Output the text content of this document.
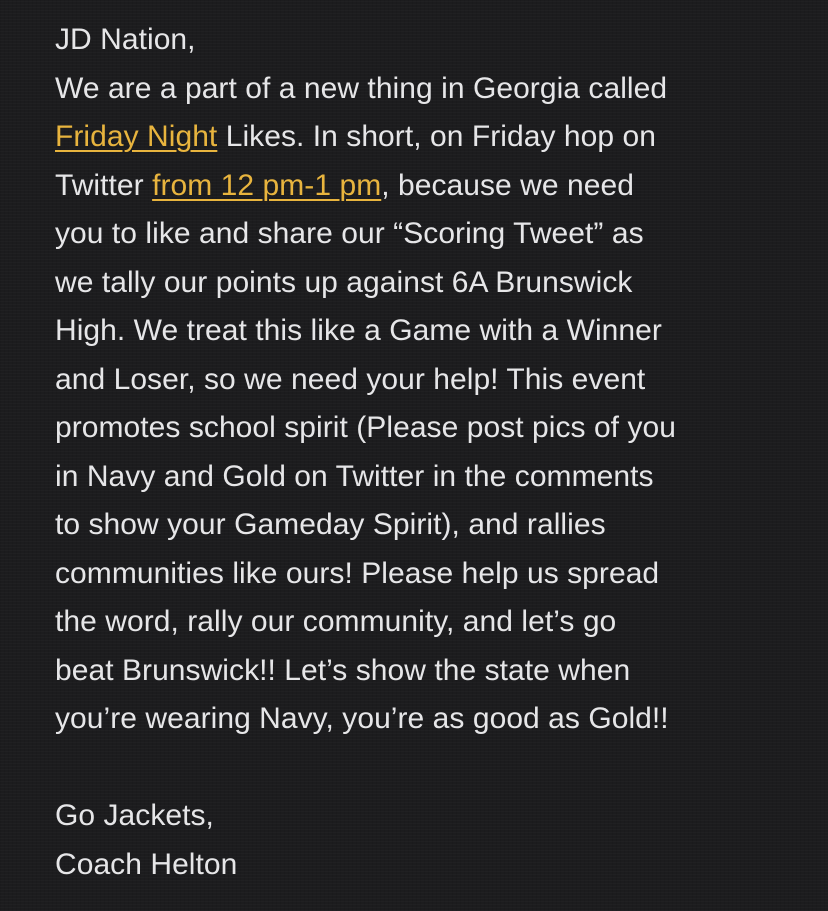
JD Nation,
We are a part of a new thing in Georgia called
Friday Night Likes. In short, on Friday hop on
Twitter from 12 pm-1 pm, because we need
you to like and share our “Scoring Tweet” as
we tally our points up against 6A Brunswick
High. We treat this like a Game with a Winner
and Loser, so we need your help! This event
promotes school spirit (Please post pics of you
in Navy and Gold on Twitter in the comments
to show your Gameday Spirit), and rallies
communities like ours! Please help us spread
the word, rally our community, and let’s go
beat Brunswick!! Let’s show the state when
you’re wearing Navy, you’re as good as Gold!!
Go Jackets,
Coach Helton
